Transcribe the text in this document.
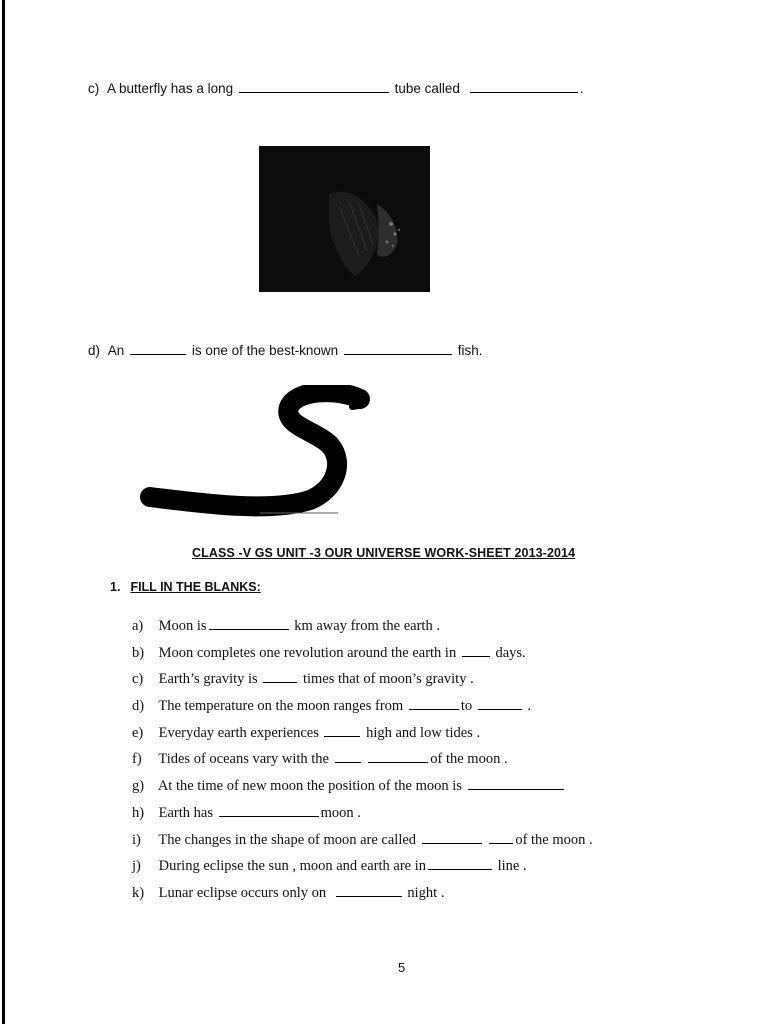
c) A butterfly has a long	tube called	.
d) An	is one of the best-known	fish.
CLASS -V GS UNIT -3 OUR UNIVERSE WORK-SHEET 2013-2014
1. FILL IN THE BLANKS:
a) Moon is	km away from the earth .
b) Moon completes one revolution around the earth in	days.
c) Earth’s gravity is	times that of moon’s gravity .
d) The temperature on the moon ranges from	to	.
e) Everyday earth experiences	high and low tides .
f) Tides of oceans vary with the	of the moon .
g) At the time of new moon the position of the moon is
h) Earth has	moon .
i) The changes in the shape of moon are called	of the moon .
j) During eclipse the sun , moon and earth are in	line .
k) Lunar eclipse occurs only on	night .
5
